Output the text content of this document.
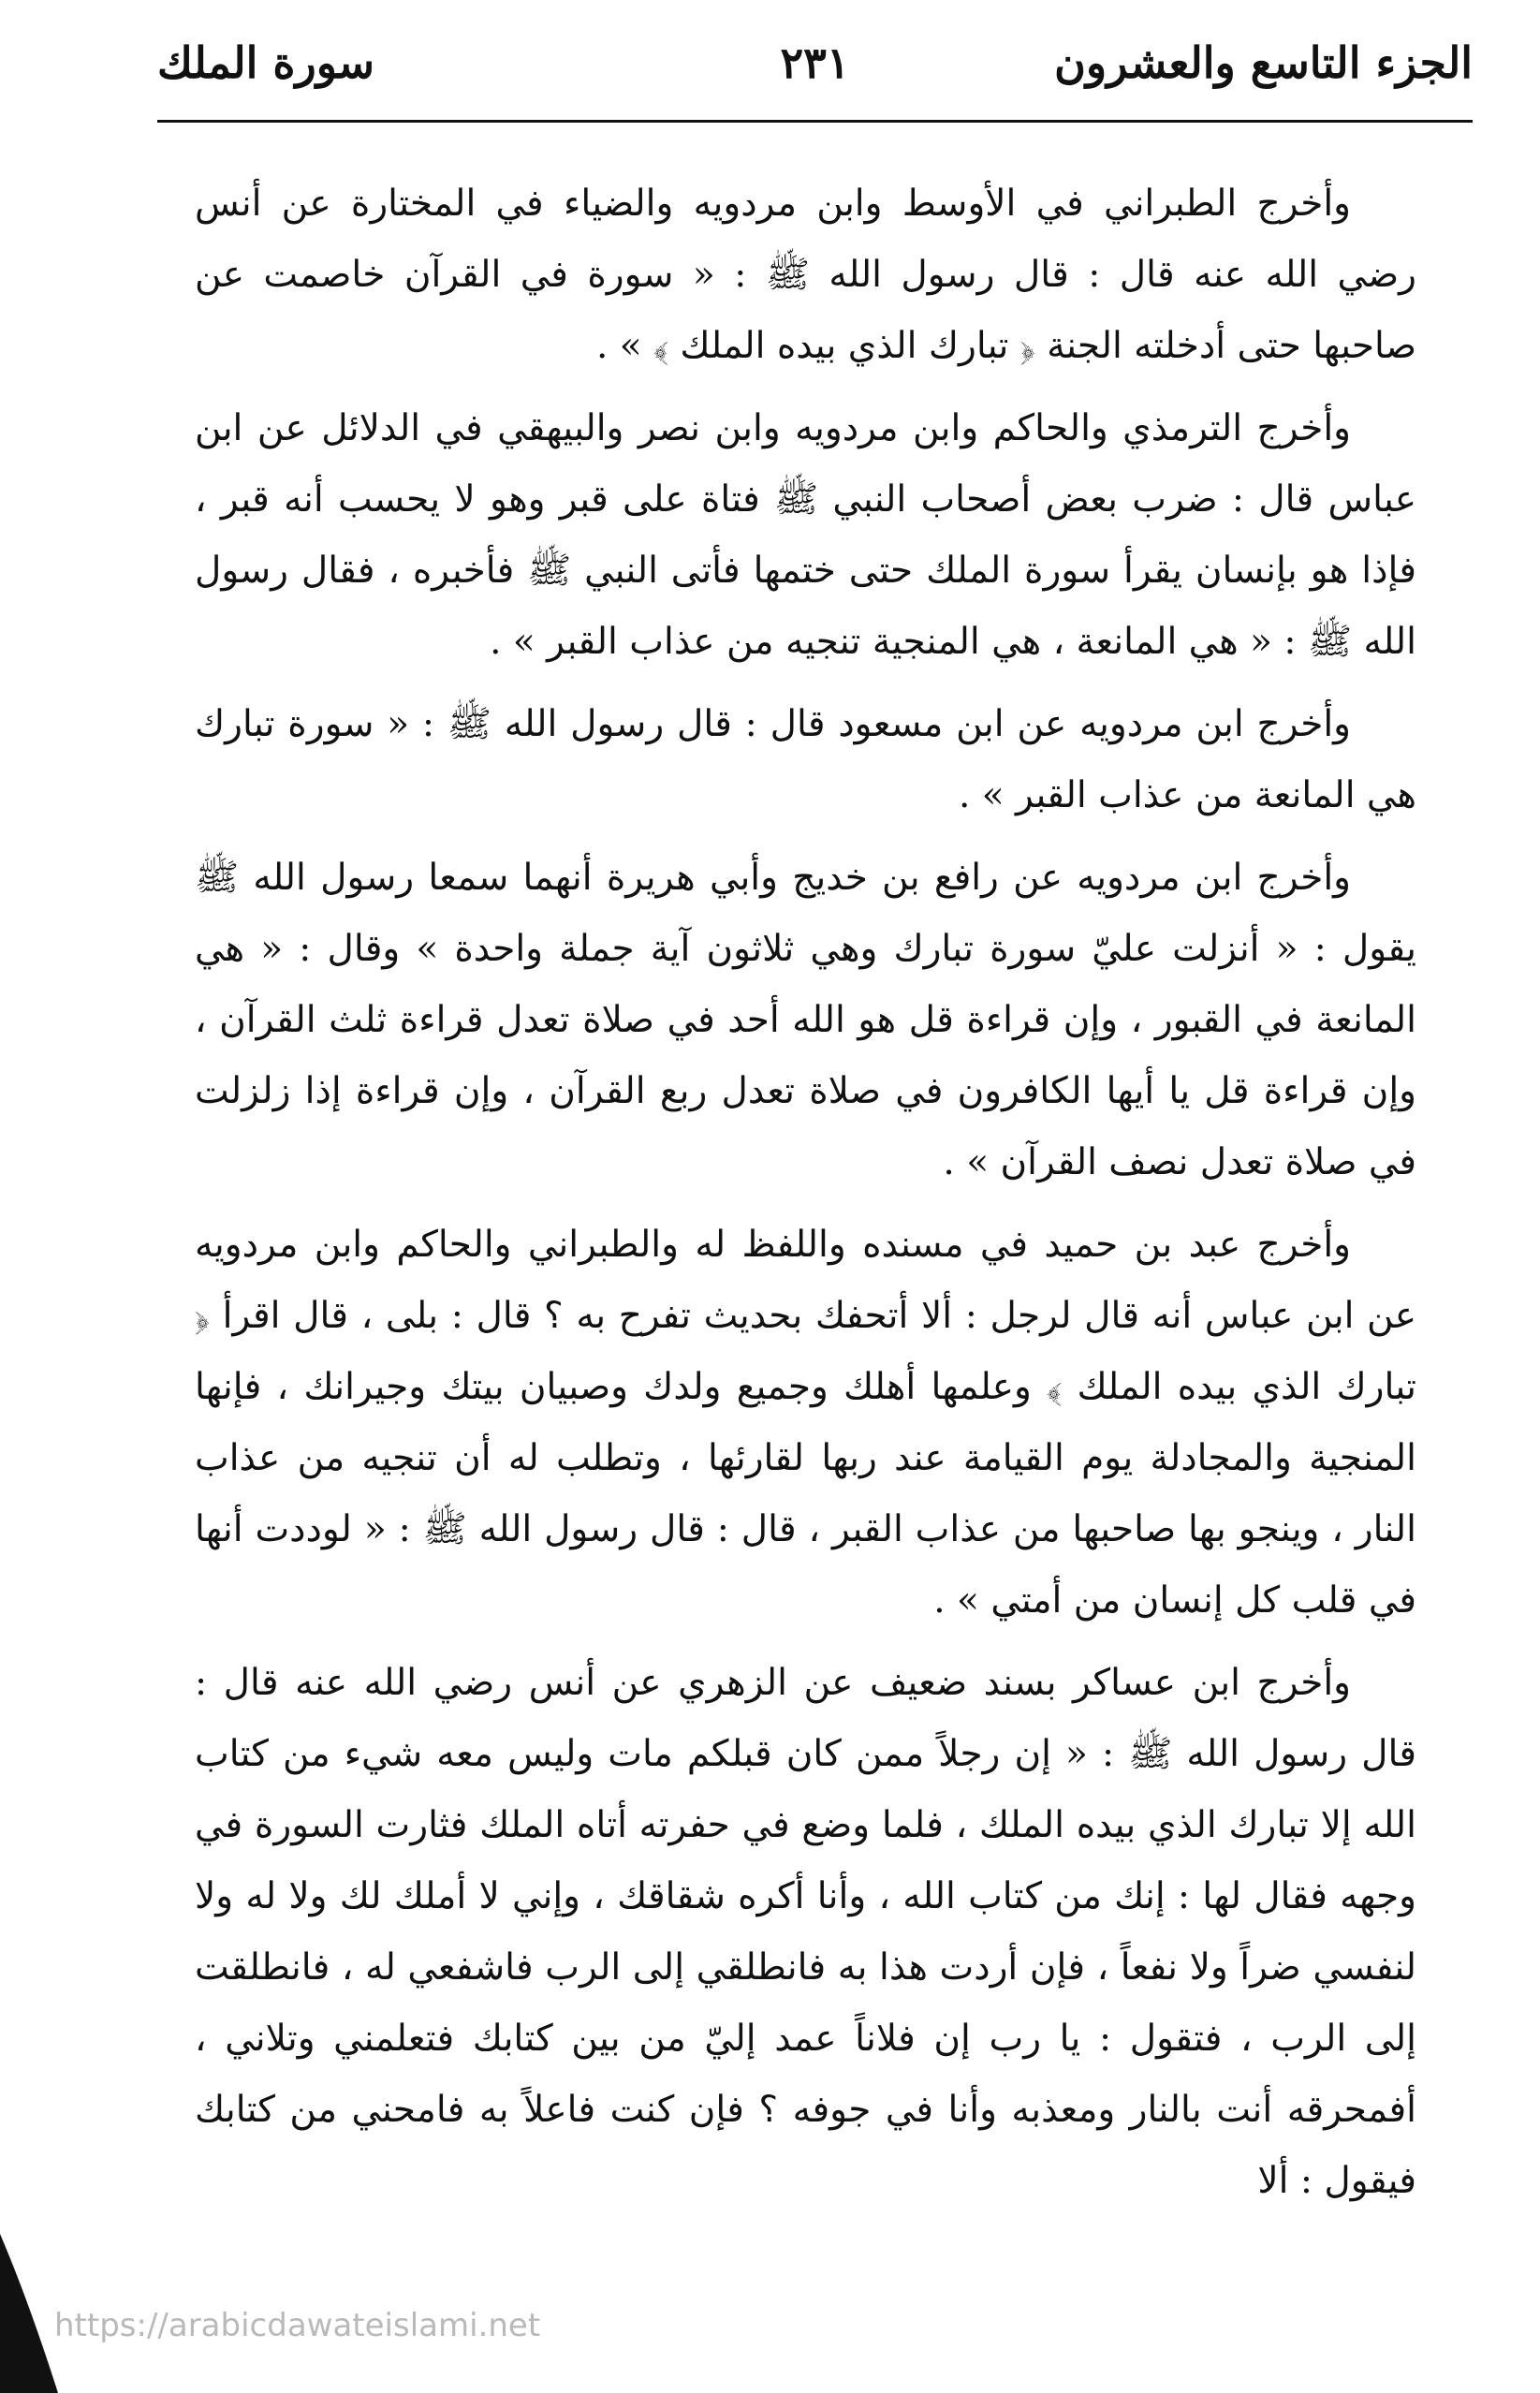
الجزء التاسع والعشرون
٢٣١
سورة الملك

وأخرج الطبراني في الأوسط وابن مردويه والضياء في المختارة عن أنس رضي الله عنه قال : قال رسول الله ﷺ : « سورة في القرآن خاصمت عن صاحبها حتى أدخلته الجنة ﴿ تبارك الذي بيده الملك ﴾ » .

وأخرج الترمذي والحاكم وابن مردويه وابن نصر والبيهقي في الدلائل عن ابن عباس قال : ضرب بعض أصحاب النبي ﷺ فتاة على قبر وهو لا يحسب أنه قبر ، فإذا هو بإنسان يقرأ سورة الملك حتى ختمها فأتى النبي ﷺ فأخبره ، فقال رسول الله ﷺ : « هي المانعة ، هي المنجية تنجيه من عذاب القبر » .

وأخرج ابن مردويه عن ابن مسعود قال : قال رسول الله ﷺ : « سورة تبارك هي المانعة من عذاب القبر » .

وأخرج ابن مردويه عن رافع بن خديج وأبي هريرة أنهما سمعا رسول الله ﷺ يقول : « أنزلت عليّ سورة تبارك وهي ثلاثون آية جملة واحدة » وقال : « هي المانعة في القبور ، وإن قراءة قل هو الله أحد في صلاة تعدل قراءة ثلث القرآن ، وإن قراءة قل يا أيها الكافرون في صلاة تعدل ربع القرآن ، وإن قراءة إذا زلزلت في صلاة تعدل نصف القرآن » .

وأخرج عبد بن حميد في مسنده واللفظ له والطبراني والحاكم وابن مردويه عن ابن عباس أنه قال لرجل : ألا أتحفك بحديث تفرح به ؟ قال : بلى ، قال اقرأ ﴿ تبارك الذي بيده الملك ﴾ وعلمها أهلك وجميع ولدك وصبيان بيتك وجيرانك ، فإنها المنجية والمجادلة يوم القيامة عند ربها لقارئها ، وتطلب له أن تنجيه من عذاب النار ، وينجو بها صاحبها من عذاب القبر ، قال : قال رسول الله ﷺ : « لوددت أنها في قلب كل إنسان من أمتي » .

وأخرج ابن عساكر بسند ضعيف عن الزهري عن أنس رضي الله عنه قال : قال رسول الله ﷺ : « إن رجلاً ممن كان قبلكم مات وليس معه شيء من كتاب الله إلا تبارك الذي بيده الملك ، فلما وضع في حفرته أتاه الملك فثارت السورة في وجهه فقال لها : إنك من كتاب الله ، وأنا أكره شقاقك ، وإني لا أملك لك ولا له ولا لنفسي ضراً ولا نفعاً ، فإن أردت هذا به فانطلقي إلى الرب فاشفعي له ، فانطلقت إلى الرب ، فتقول : يا رب إن فلاناً عمد إليّ من بين كتابك فتعلمني وتلاني ، أفمحرقه أنت بالنار ومعذبه وأنا في جوفه ؟ فإن كنت فاعلاً به فامحني من كتابك فيقول : ألا

https://arabicdawateislami.net
